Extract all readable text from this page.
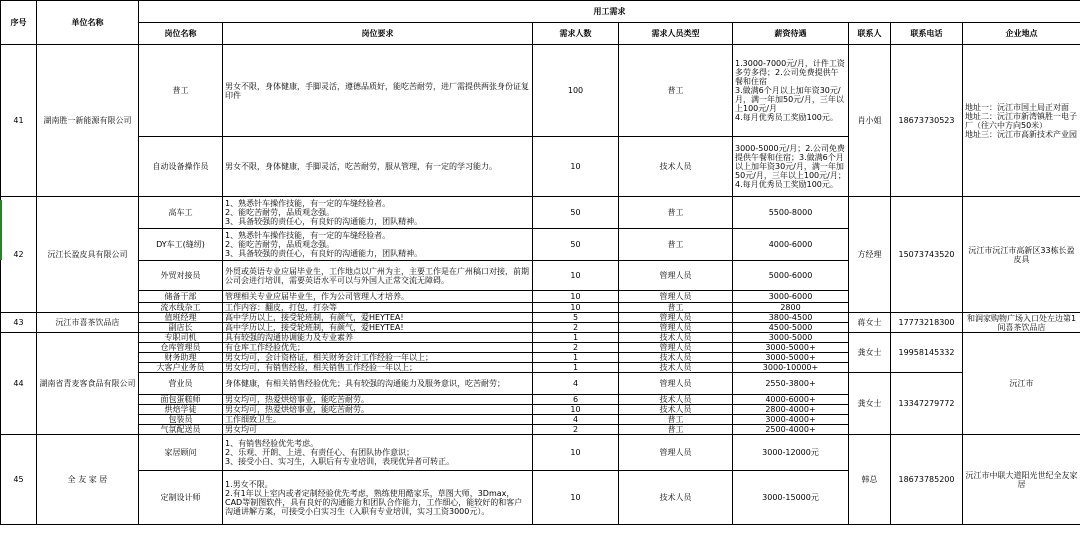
序号	单位名称	用工需求							
		岗位名称	岗位要求	需求人数	需求人员类型	薪资待遇	联系人	联系电话	企业地点
41	湖南胜一新能源有限公司	普工	男女不限，身体健康，手脚灵活，遵德品质好，能吃苦耐劳，进厂需提供两张身份证复印件	100	普工	1.3000-7000元/月，计件工资多劳多得；2.公司免费提供午餐和住宿
3.做满6个月以上加年资30元/月，满一年加50元/月，三年以上100元/月
4.每月优秀员工奖励100元。	肖小姐	18673730523	地址一：沅江市国土局正对面
地址二：沅江市新湾镇胜一电子厂（往六中方向50米）
地址三：沅江市高新技术产业园
		自动设备操作员	男女不限，身体健康，手脚灵活，吃苦耐劳，服从管理，有一定的学习能力。	10	技术人员	3000-5000元/月；2.公司免费提供午餐和住宿；3.做满6个月以上加年资30元/月，满一年加50元/月，三年以上100元/月；4.每月优秀员工奖励100元。			
42	沅江长盈皮具有限公司	高车工	1、熟悉针车操作技能，有一定的车缝经验者。
2、能吃苦耐劳，品质观念强。
3、具备较强的责任心，有良好的沟通能力，团队精神。	50	普工	5500-8000	方经理	15073743520	沅江市沅江市高新区33栋长盈皮具
		DY车工(缝纫)	1、熟悉针车操作技能，有一定的车缝经验者。
2、能吃苦耐劳，品质观念强。
3、具备较强的责任心，有良好的沟通能力，团队精神。	50	普工	4000-6000			
		外贸对接员	外贸或英语专业应届毕业生，工作地点以广州为主，主要工作是在广州稿口对接，前期公司会进行培训，需要英语水平可以与外国人正常交流无障碍。	10	管理人员	5000-6000			
		储备干部	管理相关专业应届毕业生，作为公司管理人才培养。	10	管理人员	3000-6000			
		流水线杂工	工作内容：翻皮，打包，打杂等	10	普工	2800			
43	沅江市喜茶饮品店	值班经理	高中学历以上，接受轮班制，有颜气，爱HEYTEA!	5	管理人员	3800-4500	蒋女士	17773218300	和润家购物广场入口处左边第1间喜茶饮品店
		副店长	高中学历以上，接受轮班制，有颜气，爱HEYTEA!	2	管理人员	4500-5000			
44	湖南省青麦客食品有限公司	专职司机	具有较强的沟通协调能力及专业素养	1	技术人员	3000-5000	龚女士	19958145332	沅江市
		仓库管理员	有仓库工作经验优先；	2	管理人员	3000-5000+			
		财务助理	男女均可，会计资格证，相关财务会计工作经验一年以上；	1	技术人员	3000-5000+			
		大客户业务员	男女均可，有销售经验，相关销售工作经验一年以上；	1	技术人员	3000-10000+			
		营业员	身体健康，有相关销售经验优先；具有较强的沟通能力及服务意识，吃苦耐劳；	4	管理人员	2550-3800+	龚女士	13347279772	
		面包蛋糕师	男女均可，热爱烘焙事业，能吃苦耐劳。	6	技术人员	4000-6000+			
		烘焙学徒	男女均可，热爱烘焙事业，能吃苦耐劳。	10	技术人员	2800-4000+			
		包装员	工作细致卫生。	4	普工	3000-4000+			
		气氛配送员	男女均可	2	普工	2500-4000+			
45	全 友 家 居	家居顾问	1、有销售经验优先考虑。
2、乐观、开朗、上进、有责任心、有团队协作意识；
3、接受小白、实习生，入职后有专业培训，表现优异者可转正。	10	管理人员	3000-12000元	韩总	18673785200	沅江市中联大道阳光世纪全友家居
		定制设计师	1.男女不限。
2.有1年以上室内或者定制经验优先考虑，熟练使用酷家乐，草图大师，3Dmax，CAD等制图软件，具有良好的沟通能力和团队合作能力，工作细心，能较好的和客户沟通讲解方案，可接受小白实习生（入职有专业培训，实习工资3000元）。	10	技术人员	3000-15000元			
